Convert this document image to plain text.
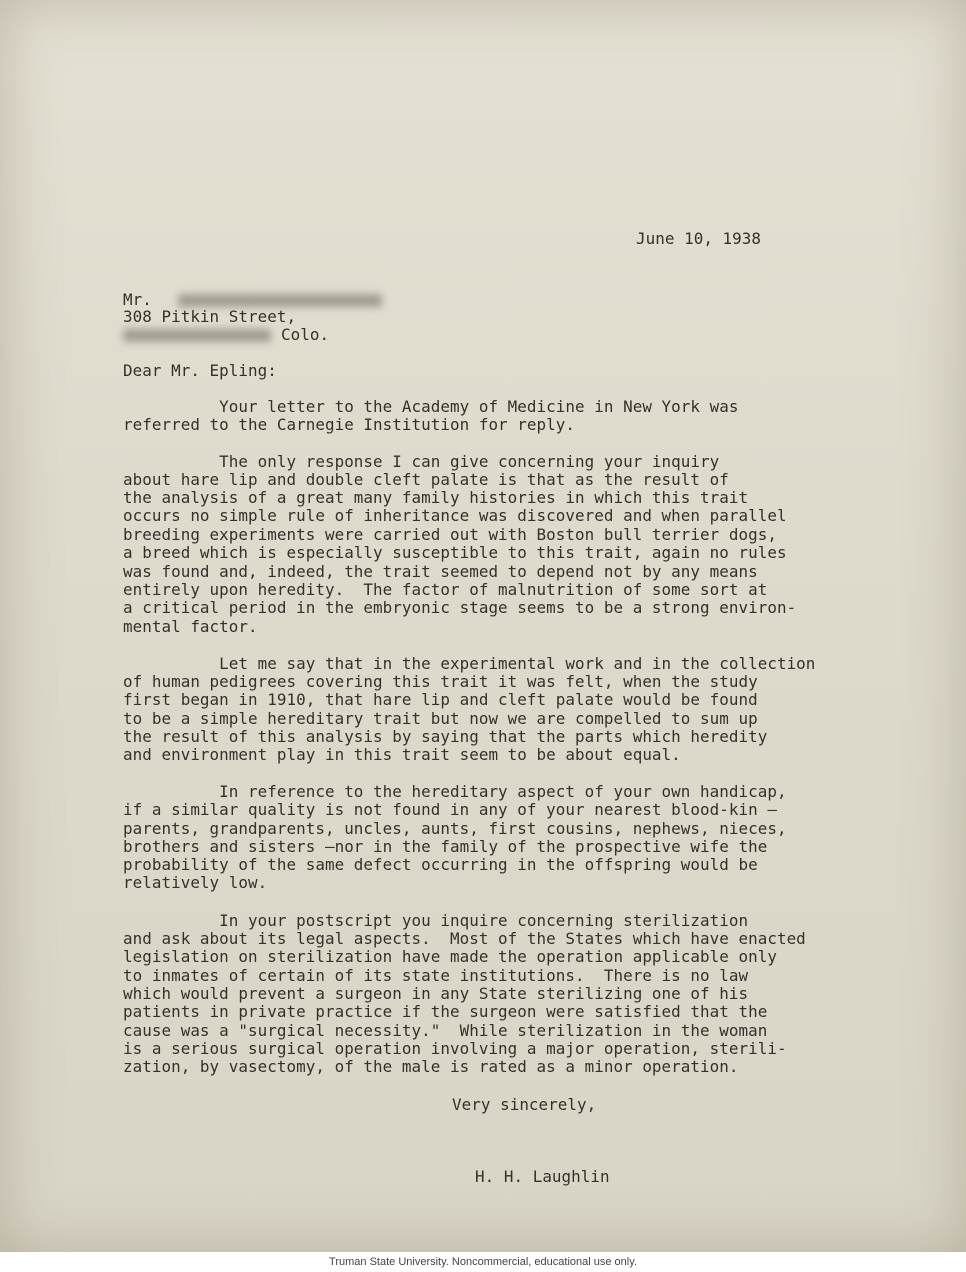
June 10, 1938
Mr.
308 Pitkin Street,
Colo.
Dear Mr. Epling:
Your letter to the Academy of Medicine in New York was
referred to the Carnegie Institution for reply.
The only response I can give concerning your inquiry
about hare lip and double cleft palate is that as the result of
the analysis of a great many family histories in which this trait
occurs no simple rule of inheritance was discovered and when parallel
breeding experiments were carried out with Boston bull terrier dogs,
a breed which is especially susceptible to this trait, again no rules
was found and, indeed, the trait seemed to depend not by any means
entirely upon heredity.  The factor of malnutrition of some sort at
a critical period in the embryonic stage seems to be a strong environ-
mental factor.
Let me say that in the experimental work and in the collection
of human pedigrees covering this trait it was felt, when the study
first began in 1910, that hare lip and cleft palate would be found
to be a simple hereditary trait but now we are compelled to sum up
the result of this analysis by saying that the parts which heredity
and environment play in this trait seem to be about equal.
In reference to the hereditary aspect of your own handicap,
if a similar quality is not found in any of your nearest blood-kin —
parents, grandparents, uncles, aunts, first cousins, nephews, nieces,
brothers and sisters —nor in the family of the prospective wife the
probability of the same defect occurring in the offspring would be
relatively low.
In your postscript you inquire concerning sterilization
and ask about its legal aspects.  Most of the States which have enacted
legislation on sterilization have made the operation applicable only
to inmates of certain of its state institutions.  There is no law
which would prevent a surgeon in any State sterilizing one of his
patients in private practice if the surgeon were satisfied that the
cause was a "surgical necessity."  While sterilization in the woman
is a serious surgical operation involving a major operation, sterili-
zation, by vasectomy, of the male is rated as a minor operation.
Very sincerely,
H. H. Laughlin
Truman State University. Noncommercial, educational use only.
